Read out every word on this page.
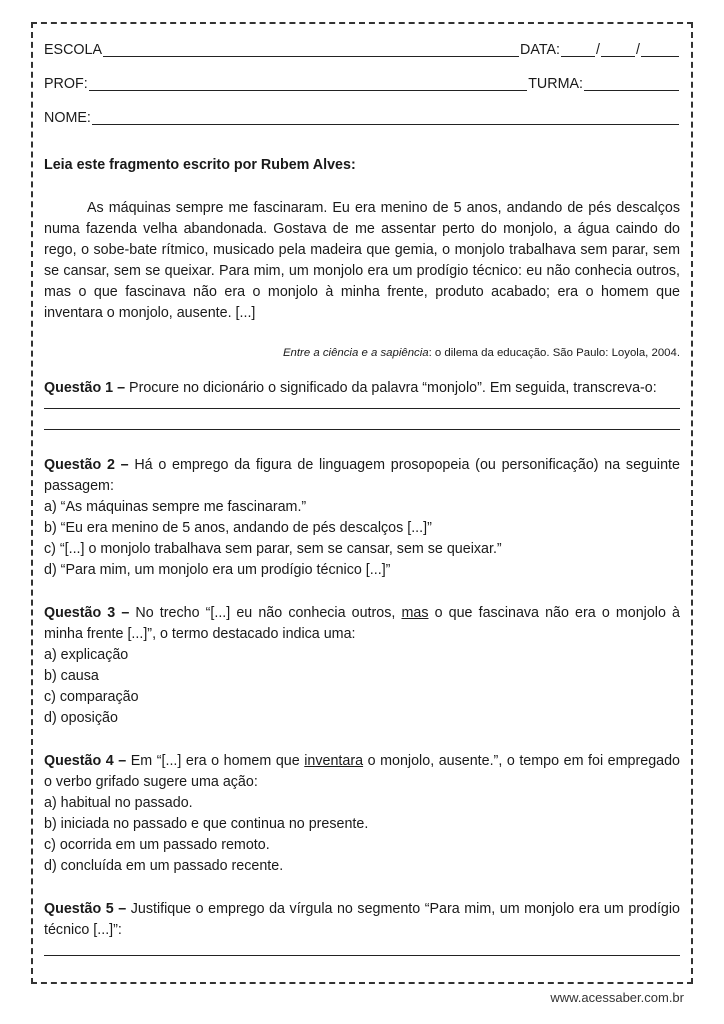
ESCOLA	DATA:	/	/
PROF:	TURMA:
NOME:

Leia este fragmento escrito por Rubem Alves:

As máquinas sempre me fascinaram. Eu era menino de 5 anos, andando de pés descalços numa fazenda velha abandonada. Gostava de me assentar perto do monjolo, a água caindo do rego, o sobe-bate rítmico, musicado pela madeira que gemia, o monjolo trabalhava sem parar, sem se cansar, sem se queixar. Para mim, um monjolo era um prodígio técnico: eu não conhecia outros, mas o que fascinava não era o monjolo à minha frente, produto acabado; era o homem que inventara o monjolo, ausente. [...]

Entre a ciência e a sapiência: o dilema da educação. São Paulo: Loyola, 2004.

Questão 1 – Procure no dicionário o significado da palavra “monjolo”. Em seguida, transcreva-o:

Questão 2 – Há o emprego da figura de linguagem prosopopeia (ou personificação) na seguinte passagem:

a) “As máquinas sempre me fascinaram.”
b) “Eu era menino de 5 anos, andando de pés descalços [...]”
c) “[...] o monjolo trabalhava sem parar, sem se cansar, sem se queixar.”
d) “Para mim, um monjolo era um prodígio técnico [...]”

Questão 3 – No trecho “[...] eu não conhecia outros, mas o que fascinava não era o monjolo à minha frente [...]”, o termo destacado indica uma:

a) explicação
b) causa
c) comparação
d) oposição

Questão 4 – Em “[...] era o homem que inventara o monjolo, ausente.”, o tempo em foi empregado o verbo grifado sugere uma ação:

a) habitual no passado.
b) iniciada no passado e que continua no presente.
c) ocorrida em um passado remoto.
d) concluída em um passado recente.

Questão 5 – Justifique o emprego da vírgula no segmento “Para mim, um monjolo era um prodígio técnico [...]”:

www.acessaber.com.br
